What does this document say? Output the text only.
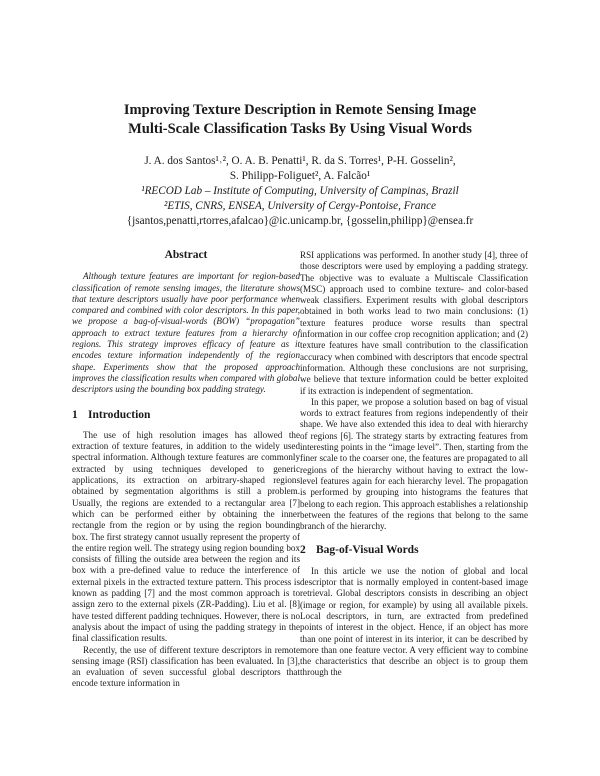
Improving Texture Description in Remote Sensing Image
Multi-Scale Classification Tasks By Using Visual Words
J. A. dos Santos¹˒², O. A. B. Penatti¹, R. da S. Torres¹, P-H. Gosselin²,
S. Philipp-Foliguet², A. Falcão¹
¹RECOD Lab – Institute of Computing, University of Campinas, Brazil
²ETIS, CNRS, ENSEA, University of Cergy-Pontoise, France
{jsantos,penatti,rtorres,afalcao}@ic.unicamp.br, {gosselin,philipp}@ensea.fr
Abstract

Although texture features are important for region-based classification of remote sensing images, the literature shows that texture descriptors usually have poor performance when compared and combined with color descriptors. In this paper, we propose a bag-of-visual-words (BOW) “propagation” approach to extract texture features from a hierarchy of regions. This strategy improves efficacy of feature as it encodes texture information independently of the region shape. Experiments show that the proposed approach improves the classification results when compared with global descriptors using the bounding box padding strategy.

1 Introduction

The use of high resolution images has allowed the extraction of texture features, in addition to the widely used spectral information. Although texture features are commonly extracted by using techniques developed to generic applications, its extraction on arbitrary-shaped regions obtained by segmentation algorithms is still a problem. Usually, the regions are extended to a rectangular area [7] which can be performed either by obtaining the inner rectangle from the region or by using the region bounding box. The first strategy cannot usually represent the property of the entire region well. The strategy using region bounding box consists of filling the outside area between the region and its box with a pre-defined value to reduce the interference of external pixels in the extracted texture pattern. This process is known as padding [7] and the most common approach is to assign zero to the external pixels (ZR-Padding). Liu et al. [8] have tested different padding techniques. However, there is no analysis about the impact of using the padding strategy in the final classification results.

Recently, the use of different texture descriptors in remote sensing image (RSI) classification has been evaluated. In [3], an evaluation of seven successful global descriptors that encode texture information in

RSI applications was performed. In another study [4], three of those descriptors were used by employing a padding strategy. The objective was to evaluate a Multiscale Classification (MSC) approach used to combine texture- and color-based weak classifiers. Experiment results with global descriptors obtained in both works lead to two main conclusions: (1) texture features produce worse results than spectral information in our coffee crop recognition application; and (2) texture features have small contribution to the classification accuracy when combined with descriptors that encode spectral information. Although these conclusions are not surprising, we believe that texture information could be better exploited if its extraction is independent of segmentation.

In this paper, we propose a solution based on bag of visual words to extract features from regions independently of their shape. We have also extended this idea to deal with hierarchy of regions [6]. The strategy starts by extracting features from interesting points in the “image level”. Then, starting from the finer scale to the coarser one, the features are propagated to all regions of the hierarchy without having to extract the low-level features again for each hierarchy level. The propagation is performed by grouping into histograms the features that belong to each region. This approach establishes a relationship between the features of the regions that belong to the same branch of the hierarchy.

2 Bag-of-Visual Words

In this article we use the notion of global and local descriptor that is normally employed in content-based image retrieval. Global descriptors consists in describing an object (image or region, for example) by using all available pixels. Local descriptors, in turn, are extracted from predefined points of interest in the object. Hence, if an object has more than one point of interest in its interior, it can be described by more than one feature vector. A very efficient way to combine the characteristics that describe an object is to group them through the
